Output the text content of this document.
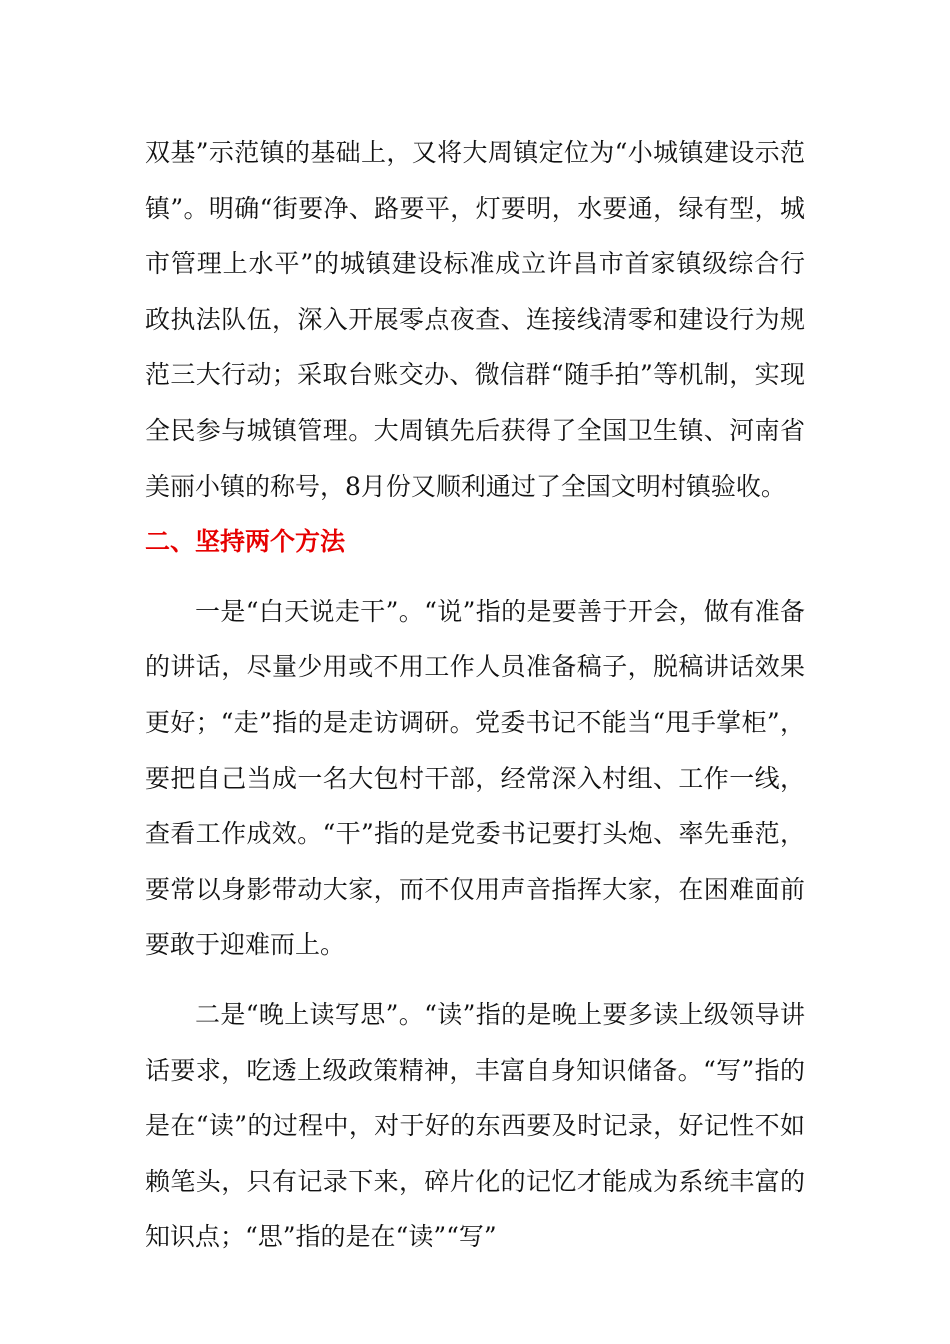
双基”示范镇的基础上，又将大周镇定位为“小城镇建设示范镇”。明确“街要净、路要平，灯要明，水要通，绿有型，城市管理上水平”的城镇建设标准成立许昌市首家镇级综合行政执法队伍，深入开展零点夜查、连接线清零和建设行为规范三大行动；采取台账交办、微信群“随手拍”等机制，实现全民参与城镇管理。大周镇先后获得了全国卫生镇、河南省美丽小镇的称号，8月份又顺利通过了全国文明村镇验收。

二、坚持两个方法

一是“白天说走干”。“说”指的是要善于开会，做有准备的讲话，尽量少用或不用工作人员准备稿子，脱稿讲话效果更好；“走”指的是走访调研。党委书记不能当“甩手掌柜”，要把自己当成一名大包村干部，经常深入村组、工作一线，查看工作成效。“干”指的是党委书记要打头炮、率先垂范，要常以身影带动大家，而不仅用声音指挥大家，在困难面前要敢于迎难而上。

二是“晚上读写思”。“读”指的是晚上要多读上级领导讲话要求，吃透上级政策精神，丰富自身知识储备。“写”指的是在“读”的过程中，对于好的东西要及时记录，好记性不如赖笔头，只有记录下来，碎片化的记忆才能成为系统丰富的知识点；“思”指的是在“读”“写”
